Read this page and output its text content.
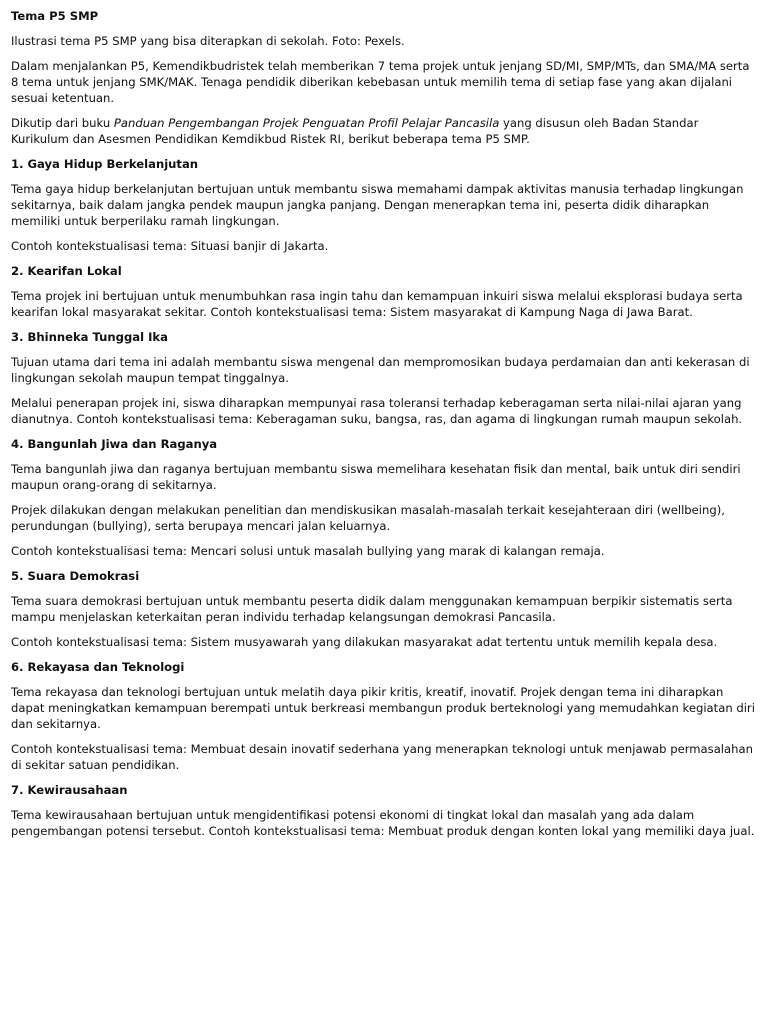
Tema P5 SMP

Ilustrasi tema P5 SMP yang bisa diterapkan di sekolah. Foto: Pexels.

Dalam menjalankan P5, Kemendikbudristek telah memberikan 7 tema projek untuk jenjang SD/MI, SMP/MTs, dan SMA/MA serta 8 tema untuk jenjang SMK/MAK. Tenaga pendidik diberikan kebebasan untuk memilih tema di setiap fase yang akan dijalani sesuai ketentuan.

Dikutip dari buku Panduan Pengembangan Projek Penguatan Profil Pelajar Pancasila yang disusun oleh Badan Standar Kurikulum dan Asesmen Pendidikan Kemdikbud Ristek RI, berikut beberapa tema P5 SMP.

1. Gaya Hidup Berkelanjutan

Tema gaya hidup berkelanjutan bertujuan untuk membantu siswa memahami dampak aktivitas manusia terhadap lingkungan sekitarnya, baik dalam jangka pendek maupun jangka panjang. Dengan menerapkan tema ini, peserta didik diharapkan memiliki untuk berperilaku ramah lingkungan.

Contoh kontekstualisasi tema: Situasi banjir di Jakarta.

2. Kearifan Lokal

Tema projek ini bertujuan untuk menumbuhkan rasa ingin tahu dan kemampuan inkuiri siswa melalui eksplorasi budaya serta kearifan lokal masyarakat sekitar. Contoh kontekstualisasi tema: Sistem masyarakat di Kampung Naga di Jawa Barat.

3. Bhinneka Tunggal Ika

Tujuan utama dari tema ini adalah membantu siswa mengenal dan mempromosikan budaya perdamaian dan anti kekerasan di lingkungan sekolah maupun tempat tinggalnya.

Melalui penerapan projek ini, siswa diharapkan mempunyai rasa toleransi terhadap keberagaman serta nilai-nilai ajaran yang dianutnya. Contoh kontekstualisasi tema: Keberagaman suku, bangsa, ras, dan agama di lingkungan rumah maupun sekolah.

4. Bangunlah Jiwa dan Raganya

Tema bangunlah jiwa dan raganya bertujuan membantu siswa memelihara kesehatan fisik dan mental, baik untuk diri sendiri maupun orang-orang di sekitarnya.

Projek dilakukan dengan melakukan penelitian dan mendiskusikan masalah-masalah terkait kesejahteraan diri (wellbeing), perundungan (bullying), serta berupaya mencari jalan keluarnya.

Contoh kontekstualisasi tema: Mencari solusi untuk masalah bullying yang marak di kalangan remaja.

5. Suara Demokrasi

Tema suara demokrasi bertujuan untuk membantu peserta didik dalam menggunakan kemampuan berpikir sistematis serta mampu menjelaskan keterkaitan peran individu terhadap kelangsungan demokrasi Pancasila.

Contoh kontekstualisasi tema: Sistem musyawarah yang dilakukan masyarakat adat tertentu untuk memilih kepala desa.

6. Rekayasa dan Teknologi

Tema rekayasa dan teknologi bertujuan untuk melatih daya pikir kritis, kreatif, inovatif. Projek dengan tema ini diharapkan dapat meningkatkan kemampuan berempati untuk berkreasi membangun produk berteknologi yang memudahkan kegiatan diri dan sekitarnya.

Contoh kontekstualisasi tema: Membuat desain inovatif sederhana yang menerapkan teknologi untuk menjawab permasalahan di sekitar satuan pendidikan.

7. Kewirausahaan

Tema kewirausahaan bertujuan untuk mengidentifikasi potensi ekonomi di tingkat lokal dan masalah yang ada dalam pengembangan potensi tersebut. Contoh kontekstualisasi tema: Membuat produk dengan konten lokal yang memiliki daya jual.
